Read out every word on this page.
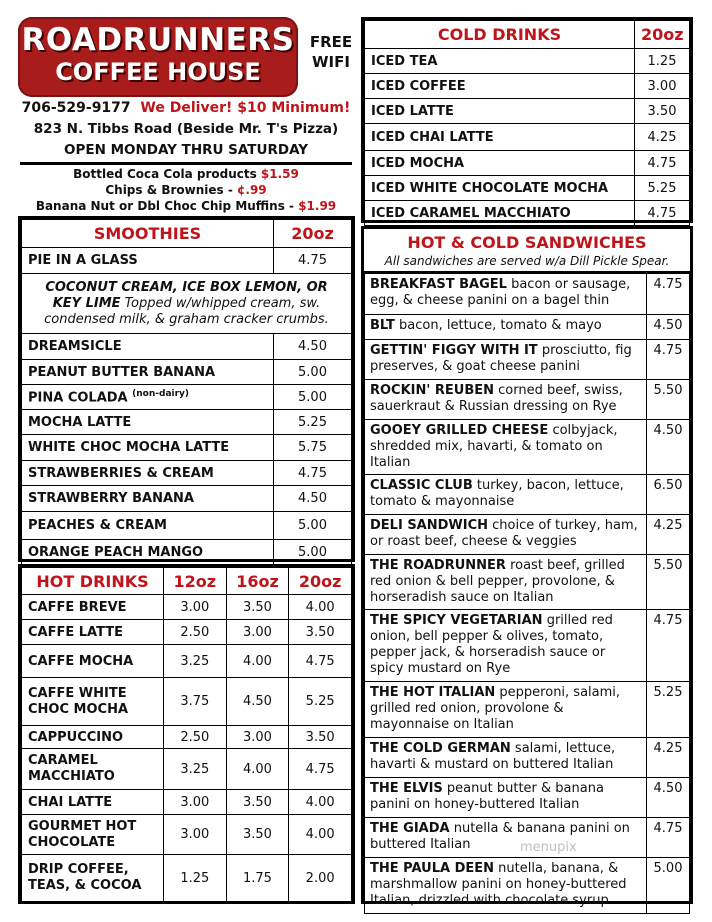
ROADRUNNERS
COFFEE HOUSE
FREE
WIFI
706-529-9177 We Deliver! $10 Minimum!
823 N. Tibbs Road (Beside Mr. T's Pizza)
OPEN MONDAY THRU SATURDAY
Bottled Coca Cola products $1.59
Chips & Brownies - ¢.99
Banana Nut or Dbl Choc Chip Muffins - $1.99
SMOOTHIES	20oz
PIE IN A GLASS	4.75
COCONUT CREAM, ICE BOX LEMON, OR KEY LIME Topped w/whipped cream, sw. condensed milk, & graham cracker crumbs.	
DREAMSICLE	4.50
PEANUT BUTTER BANANA	5.00
PINA COLADA $^{(non-dairy)}$	5.00
MOCHA LATTE	5.25
WHITE CHOC MOCHA LATTE	5.75
STRAWBERRIES & CREAM	4.75
STRAWBERRY BANANA	4.50
PEACHES & CREAM	5.00
ORANGE PEACH MANGO	5.00
HOT DRINKS	12oz	16oz	20oz
CAFFE BREVE	3.00	3.50	4.00
CAFFE LATTE	2.50	3.00	3.50
CAFFE MOCHA	3.25	4.00	4.75
CAFFE WHITE CHOC MOCHA	3.75	4.50	5.25
CAPPUCCINO	2.50	3.00	3.50
CARAMEL MACCHIATO	3.25	4.00	4.75
CHAI LATTE	3.00	3.50	4.00
GOURMET HOT CHOCOLATE	3.00	3.50	4.00
DRIP COFFEE, TEAS, & COCOA	1.25	1.75	2.00
COLD DRINKS	20oz
ICED TEA	1.25
ICED COFFEE	3.00
ICED LATTE	3.50
ICED CHAI LATTE	4.25
ICED MOCHA	4.75
ICED WHITE CHOCOLATE MOCHA	5.25
ICED CARAMEL MACCHIATO	4.75
HOT & COLD SANDWICHES
All sandwiches are served w/a Dill Pickle Spear.
BREAKFAST BAGEL bacon or sausage, egg, & cheese panini on a bagel thin	4.75
BLT bacon, lettuce, tomato & mayo	4.50
GETTIN' FIGGY WITH IT prosciutto, fig preserves, & goat cheese panini	4.75
ROCKIN' REUBEN corned beef, swiss, sauerkraut & Russian dressing on Rye	5.50
GOOEY GRILLED CHEESE colbyjack, shredded mix, havarti, & tomato on Italian	4.50
CLASSIC CLUB turkey, bacon, lettuce, tomato & mayonnaise	6.50
DELI SANDWICH choice of turkey, ham, or roast beef, cheese & veggies	4.25
THE ROADRUNNER roast beef, grilled red onion & bell pepper, provolone, & horseradish sauce on Italian	5.50
THE SPICY VEGETARIAN grilled red onion, bell pepper & olives, tomato, pepper jack, & horseradish sauce or spicy mustard on Rye	4.75
THE HOT ITALIAN pepperoni, salami, grilled red onion, provolone & mayonnaise on Italian	5.25
THE COLD GERMAN salami, lettuce, havarti & mustard on buttered Italian	4.25
THE ELVIS peanut butter & banana panini on honey-buttered Italian	4.50
THE GIADA nutella & banana panini on buttered Italian	4.75
THE PAULA DEEN nutella, banana, & marshmallow panini on honey-buttered Italian, drizzled with chocolate syrup	5.00
menupix
